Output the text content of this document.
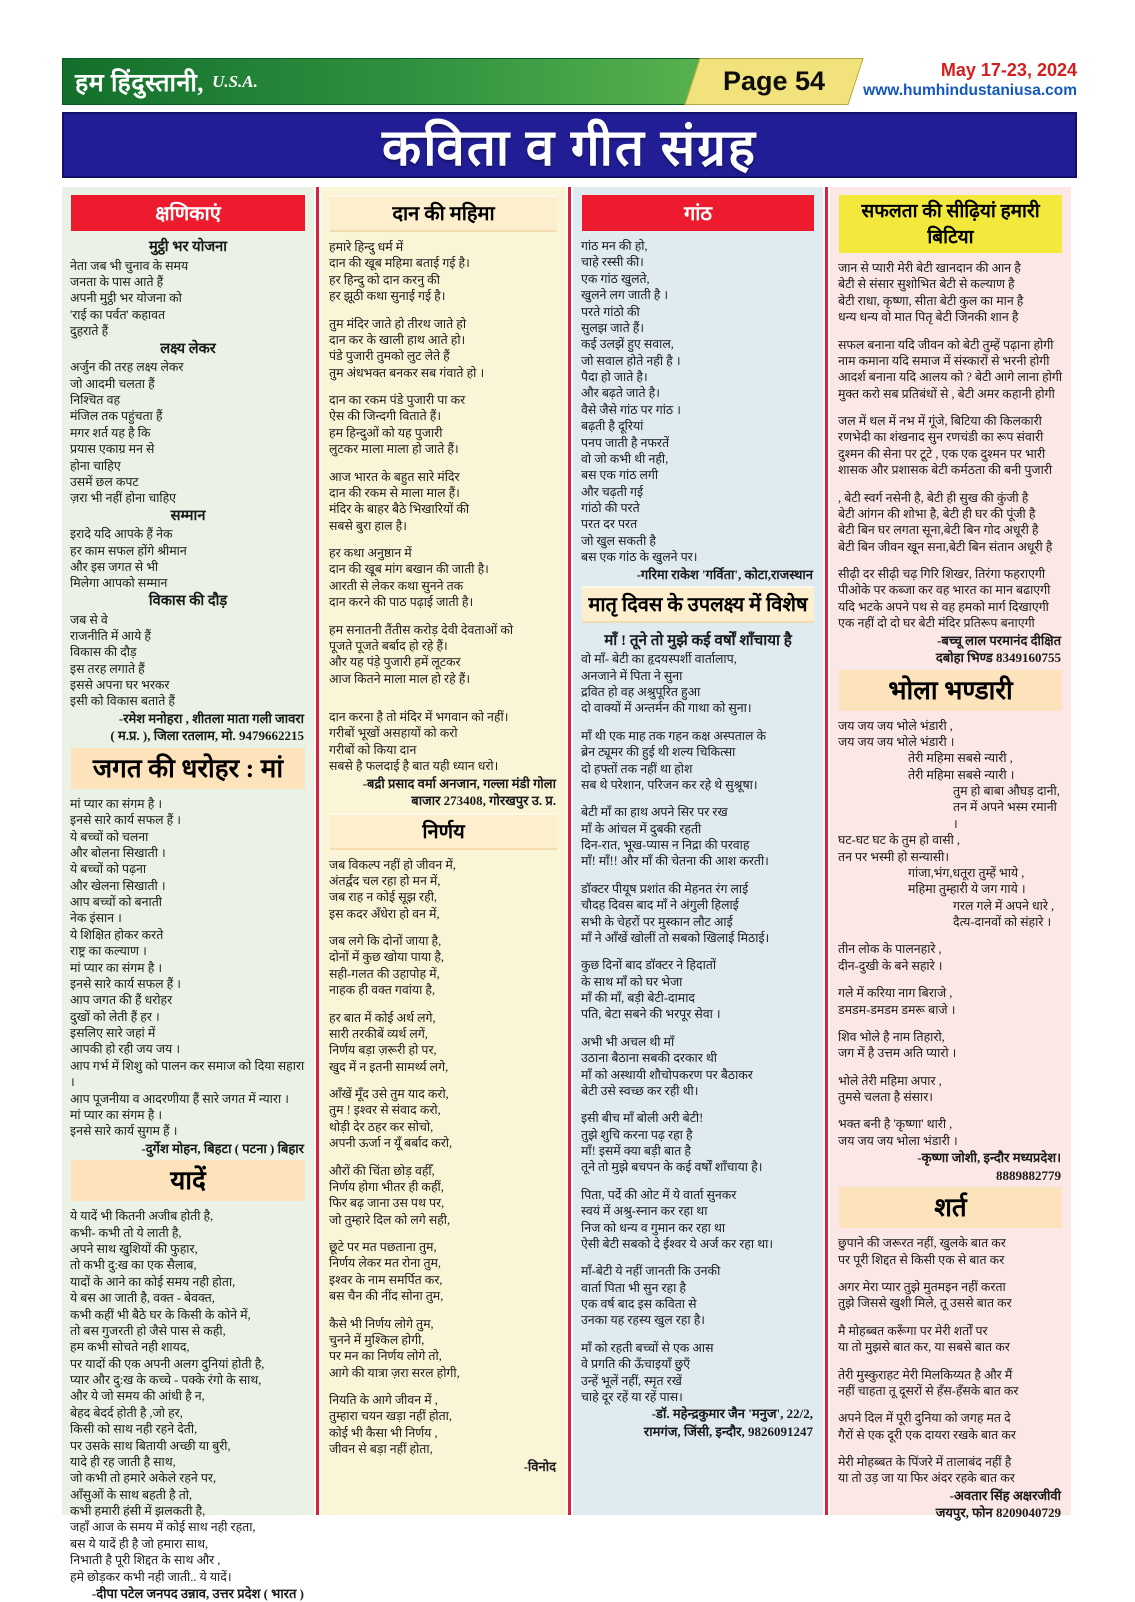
हम हिंदुस्तानी, U.S.A.	Page 54	May 17-23, 2024
www.humhindustaniusa.com
कविता व गीत संग्रह
क्षणिकाएं
मुट्ठी भर योजना
नेता जब भी चुनाव के समय
जनता के पास आते हैं
अपनी मुट्ठी भर योजना को
'राई का पर्वत' कहावत
दुहराते हैं
लक्ष्य लेकर
अर्जुन की तरह लक्ष्य लेकर
जो आदमी चलता हैं
निश्चित वह
मंजिल तक पहुंचता हैं
मगर शर्त यह है कि
प्रयास एकाग्र मन से
होना चाहिए
उसमें छल कपट
ज़रा भी नहीं होना चाहिए
सम्मान
इरादे यदि आपके हैं नेक
हर काम सफल होंगे श्रीमान
और इस जगत से भी
मिलेगा आपको सम्मान
विकास की दौड़
जब से वे
राजनीति में आये हैं
विकास की दौड़
इस तरह लगाते हैं
इससे अपना घर भरकर
इसी को विकास बताते हैं
-रमेश मनोहरा , शीतला माता गली जावरा
( म.प्र. ), जिला रतलाम, मो. 9479662215
जगत की धरोहर : मां
मां प्यार का संगम है ।
इनसे सारे कार्य सफल हैं ।
ये बच्चों को चलना
और बोलना सिखाती ।
ये बच्चों को पढ़ना
और खेलना सिखाती ।
आप बच्चों को बनाती
नेक इंसान ।
ये शिक्षित होकर करते
राष्ट्र का कल्याण ।
मां प्यार का संगम है ।
इनसे सारे कार्य सफल हैं ।
आप जगत की हैं धरोहर
दुखों को लेती हैं हर ।
इसलिए सारे जहां में
आपकी हो रही जय जय ।
आप गर्भ में शिशु को पालन कर समाज को दिया सहारा ।
आप पूजनीया व आदरणीया हैं सारे जगत में न्यारा ।
मां प्यार का संगम है ।
इनसे सारे कार्य सुगम हैं ।
-दुर्गेश मोहन, बिहटा ( पटना ) बिहार
यादें
ये यादें भी कितनी अजीब होती है,
कभी- कभी तो ये लाती है,
अपने साथ खुशियों की फुहार,
तो कभी दु:ख का एक सैलाब,
यादों के आने का कोई समय नही होता,
ये बस आ जाती है, वक्त - बेवक्त,
कभी कहीं भी बैठे घर के किसी के कोने में,
तो बस गुजरती हो जैसे पास से कही,
हम कभी सोचते नही शायद,
पर यादों की एक अपनी अलग दुनियां होती है,
प्यार और दु:ख के कच्चे - पक्के रंगो के साथ,
और ये जो समय की आंधी है न,
बेहद बेदर्द होती है ,जो हर,
किसी को साथ नही रहने देती,
पर उसके साथ बितायी अच्छी या बुरी,
यादे ही रह जाती है साथ,
जो कभी तो हमारे अकेले रहने पर,
आँसुओं के साथ बहती है तो,
कभी हमारी हंसी में झलकती है,
जहाँ आज के समय में कोई साथ नही रहता,
बस ये यादें ही है जो हमारा साथ,
निभाती है पूरी शिद्दत के साथ और ,
हमे छोड़कर कभी नही जाती.. ये यादें।
-दीपा पटेल जनपद उन्नाव, उत्तर प्रदेश ( भारत )
दान की महिमा
हमारे हिन्दु धर्म में
दान की खूब महिमा बताई गई है।
हर हिन्दु को दान करनु की
हर झूठी कथा सुनाई गई है।
तुम मंदिर जाते हो तीरथ जाते हो
दान कर के खाली हाथ आते हो।
पंडे पुजारी तुमको लुट लेते हैं
तुम अंधभक्त बनकर सब गंवाते हो ।
दान का रकम पंडे पुजारी पा कर
ऐस की जिन्दगी विताते हैं।
हम हिन्दुओं को यह पुजारी
लुटकर माला माला हो जाते हैं।
आज भारत के बहुत सारे मंदिर
दान की रकम से माला माल हैं।
मंदिर के बाहर बैठे भिखारियों की
सबसे बुरा हाल है।
हर कथा अनुष्ठान में
दान की खूब मांग बखान की जाती है।
आरती से लेकर कथा सुनने तक
दान करने की पाठ पढ़ाई जाती है।
हम सनातनी तैंतीस करोड़ देवी देवताओं को
पूजते पूजते बर्बाद हो रहे हैं।
और यह पंड़े पुजारी हमें लूटकर
आज कितने माला माल हो रहे हैं।
दान करना है तो मंदिर में भगवान को नहीं।
गरीबों भूखों असहायों को करो
गरीबों को किया दान
सबसे है फलदाई है बात यही ध्यान धरो।
-बद्री प्रसाद वर्मा अनजान, गल्ला मंडी गोला
बाजार 273408, गोरखपुर उ. प्र.
निर्णय
जब विकल्प नहीं हो जीवन में,
अंतर्द्वंद चल रहा हो मन में,
जब राह न कोई सूझ रही,
इस कदर अँधेरा हो वन में,
जब लगे कि दोनों जाया है,
दोनों में कुछ खोया पाया है,
सही-गलत की उहापोह में,
नाहक ही वक्त गवांया है,
हर बात में कोई अर्थ लगे,
सारी तरकीबें व्यर्थ लगें,
निर्णय बड़ा ज़रूरी हो पर,
खुद में न इतनी सामर्थ्य लगे,
आँखें मूँद उसे तुम याद करो,
तुम ! इश्वर से संवाद करो,
थोड़ी देर ठहर कर सोचो,
अपनी ऊर्जा न यूँ बर्बाद करो,
औरों की चिंता छोड़ वहीँ,
निर्णय होगा भीतर ही कहीं,
फिर बढ़ जाना उस पथ पर,
जो तुम्हारे दिल को लगे सही,
छूटे पर मत पछताना तुम,
निर्णय लेकर मत रोना तुम,
इश्वर के नाम समर्पित कर,
बस चैन की नींद सोना तुम,
कैसे भी निर्णय लोगे तुम,
चुनने में मुश्किल होगी,
पर मन का निर्णय लोगे तो,
आगे की यात्रा ज़रा सरल होगी,
नियति के आगे जीवन में ,
तुम्हारा चयन खड़ा नहीं होता,
कोई भी कैसा भी निर्णय ,
जीवन से बड़ा नहीं होता,
-विनोद
गांठ
गांठ मन की हो,
चाहे रस्सी की।
एक गांठ खुलते,
खुलने लग जाती है ।
परते गांठो की
सुलझ जाते हैं।
कई उलझें हुए सवाल,
जो सवाल होते नही है ।
पैदा हो जाते है।
और बढ़ते जाते है।
वैसे जैसे गांठ पर गांठ ।
बढ़ती है दूरियां
पनप जाती है नफरतें
वो जो कभी थी नही,
बस एक गांठ लगी
और चढ़ती गई
गांठो की परते
परत दर परत
जो खुल सकती है
बस एक गांठ के खुलने पर।
-गरिमा राकेश 'गर्विता', कोटा,राजस्थान
मातृ दिवस के उपलक्ष्य में विशेष
माँ ! तूने तो मुझे कई वर्षों शाँचाया है
वो माँ- बेटी का हृदयस्पर्शी वार्तालाप,
अनजाने में पिता ने सुना
द्रवित हो वह अश्रुपूरित हुआ
दो वाक्यों में अन्तर्मन की गाथा को सुना।
माँ थी एक माह तक गहन कक्ष अस्पताल के
ब्रेन ट्यूमर की हुई थी शल्य चिकित्सा
दो हफ्तों तक नहीं था होश
सब थे परेशान, परिजन कर रहे थे सुश्रूषा।
बेटी माँ का हाथ अपने सिर पर रख
माँ के आंचल में दुबकी रहती
दिन-रात, भूख-प्यास न निद्रा की परवाह
माँ! माँ!! और माँ की चेतना की आश करती।
डॉक्टर पीयूष प्रशांत की मेहनत रंग लाई
चौदह दिवस बाद माँ ने अंगुली हिलाई
सभी के चेहरों पर मुस्कान लौट आई
माँ ने आँखें खोलीं तो सबको खिलाई मिठाई।
कुछ दिनों बाद डॉक्टर ने हिदातों
के साथ माँ को घर भेजा
माँ की माँ, बड़ी बेटी-दामाद
पति, बेटा सबने की भरपूर सेवा ।
अभी भी अचल थी माँ
उठाना बैठाना सबकी दरकार थी
माँ को अस्थायी शौचोपकरण पर बैठाकर
बेटी उसे स्वच्छ कर रही थी।
इसी बीच माँ बोली अरी बेटी!
तुझे शुचि करना पढ़ रहा है
माँ! इसमें क्या बड़ी बात है
तूने तो मुझे बचपन के कई वर्षों शाँचाया है।
पिता, पर्दे की ओट में ये वार्ता सुनकर
स्वयं में अश्रु-स्नान कर रहा था
निज को धन्य व गुमान कर रहा था
ऐसी बेटी सबको दे ईश्वर ये अर्ज कर रहा था।
माँ-बेटी ये नहीं जानती कि उनकी
वार्ता पिता भी सुन रहा है
एक वर्ष बाद इस कविता से
उनका यह रहस्य खुल रहा है।
माँ को रहती बच्चों से एक आस
वे प्रगति की ऊँचाइयाँ छुएँ
उन्हें भूलें नहीं, स्मृत रखें
चाहे दूर रहें या रहें पास।
-डॉ. महेन्द्रकुमार जैन 'मनुज', 22/2,
रामगंज, जिंसी, इन्दौर, 9826091247
सफलता की सीढ़ियां हमारी बिटिया
जान से प्यारी मेरी बेटी खानदान की आन है
बेटी से संसार सुशोभित बेटी से कल्याण है
बेटी राधा, कृष्णा, सीता बेटी कुल का मान है
धन्य धन्य वो मात पितृ बेटी जिनकी शान है
सफल बनाना यदि जीवन को बेटी तुम्हें पढ़ाना होगी
नाम कमाना यदि समाज में संस्कारों से भरनी होगी
आदर्श बनाना यदि आलय को ? बेटी आगे लाना होगी
मुक्त करो सब प्रतिबंधों से , बेटी अमर कहानी होगी
जल में थल में नभ में गूंजे, बिटिया की किलकारी
रणभेदी का शंखनाद सुन रणचंडी का रूप संवारी
दुश्मन की सेना पर टूटे , एक एक दुश्मन पर भारी
शासक और प्रशासक बेटी कर्मठता की बनी पुजारी
, बेटी स्वर्ग नसेनी है, बेटी ही सुख की कुंजी है
बेटी आंगन की शोभा है, बेटी ही घर की पूंजी है
बेटी बिन घर लगता सूना,बेटी बिन गोद अधूरी है
बेटी बिन जीवन खून सना,बेटी बिन संतान अधूरी है
सीढ़ी दर सीढ़ी चढ़ गिरि शिखर, तिरंगा फहराएगी
पीओके पर कब्जा कर वह भारत का मान बढाएगी
यदि भटके अपने पथ से वह हमको मार्ग दिखाएगी
एक नहीं दो दो घर बेटी मंदिर प्रतिरूप बनाएगी
-बच्चू लाल परमानंद दीक्षित
दबोहा भिण्ड 8349160755
भोला भण्डारी
जय जय जय भोले भंडारी ,
जय जय जय भोले भंडारी ।
तेरी महिमा सबसे न्यारी ,
तेरी महिमा सबसे न्यारी ।
तुम हो बाबा औघड़ दानी,
तन में अपने भस्म रमानी ।
घट-घट घट के तुम हो वासी ,
तन पर भस्मी हो सन्यासी।
गांजा,भंग,धतूरा तुम्हें भाये ,
महिमा तुम्हारी ये जग गाये ।
गरल गले में अपने धारे ,
दैत्य-दानवों को संहारे ।
तीन लोक के पालनहारे ,
दीन-दुखी के बने सहारे ।
गले में करिया नाग बिराजे ,
डमडम-डमडम डमरू बाजे ।
शिव भोले है नाम तिहारो,
जग में है उत्तम अति प्यारो ।
भोले तेरी महिमा अपार ,
तुमसे चलता है संसार।
भक्त बनी है 'कृष्णा' थारी ,
जय जय जय भोला भंडारी ।
-कृष्णा जोशी, इन्दौर मध्यप्रदेश।
8889882779
शर्त
छुपाने की जरूरत नहीं, खुलके बात कर
पर पूरी शिद्दत से किसी एक से बात कर
अगर मेरा प्यार तुझे मुतमइन नहीं करता
तुझे जिससे खुशी मिले, तू उससे बात कर
मै मोहब्बत करूँगा पर मेरी शर्तों पर
या तो मुझसे बात कर, या सबसे बात कर
तेरी मुस्कुराहट मेरी मिलकिय्यत है और मैं
नहीं चाहता तू दूसरों से हँस-हँसके बात कर
अपने दिल में पूरी दुनिया को जगह मत दे
गैरों से एक दूरी एक दायरा रखके बात कर
मेरी मोहब्बत के पिंजरे में तालाबंद नहीं है
या तो उड़ जा या फिर अंदर रहके बात कर
-अवतार सिंह अक्षरजीवी
जयपुर, फोन 8209040729
